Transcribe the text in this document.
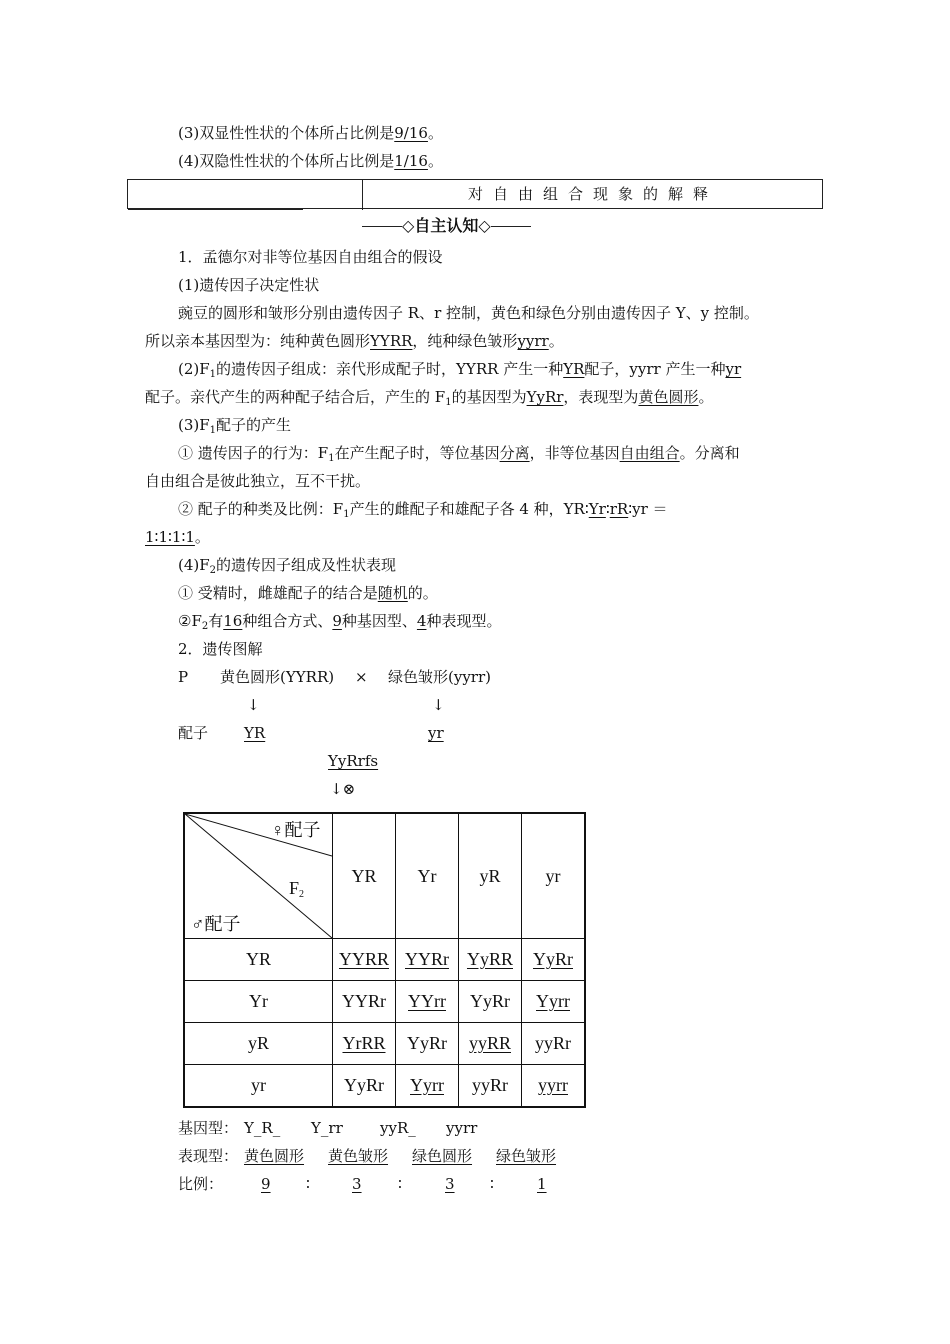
(3)双显性性状的个体所占比例是9/16。
(4)双隐性性状的个体所占比例是1/16。
对自由组合现象的解释
◇自主认知◇
1．孟德尔对非等位基因自由组合的假设
(1)遗传因子决定性状
豌豆的圆形和皱形分别由遗传因子 R、r 控制，黄色和绿色分别由遗传因子 Y、y 控制。
所以亲本基因型为：纯种黄色圆形YYRR，纯种绿色皱形yyrr。
$(2)F_1$的遗传因子组成：亲代形成配子时，YYRR 产生一种YR配子，yyrr 产生一种yr
配子。亲代产生的两种配子结合后，产生的 $F_1$的基因型为YyRr，表现型为黄色圆形。
$(3)F_1$配子的产生
① 遗传因子的行为：$F_1$在产生配子时，等位基因分离，非等位基因自由组合。分离和
自由组合是彼此独立，互不干扰。
② 配子的种类及比例：$F_1$产生的雌配子和雄配子各 4 种，YR∶Yr∶rR∶yr ＝
1∶1∶1∶1。
$(4)F_2$的遗传因子组成及性状表现
① 受精时，雌雄配子的结合是随机的。
$②F_2$有16种组合方式、9种基因型、4种表现型。
2．遗传图解
P 黄色圆形(YYRR) × 绿色皱形(yyrr)
↓	↓
配子 YR	yr
YyRrfs
↓⊗
♀配子
$F_2$
♂配子	YR	Yr	yR	yr
YR	YYRR	YYRr	YyRR	YyRr
Yr	YYRr	YYrr	YyRr	Yyrr
yR	YrRR	YyRr	yyRR	yyRr
yr	YyRr	Yyrr	yyRr	yyrr
基因型： Y_R_ Y_rr yyR_ yyrr
表现型： 黄色圆形 黄色皱形 绿色圆形 绿色皱形
比例：	9 ∶	3 ∶	3 ∶	1
